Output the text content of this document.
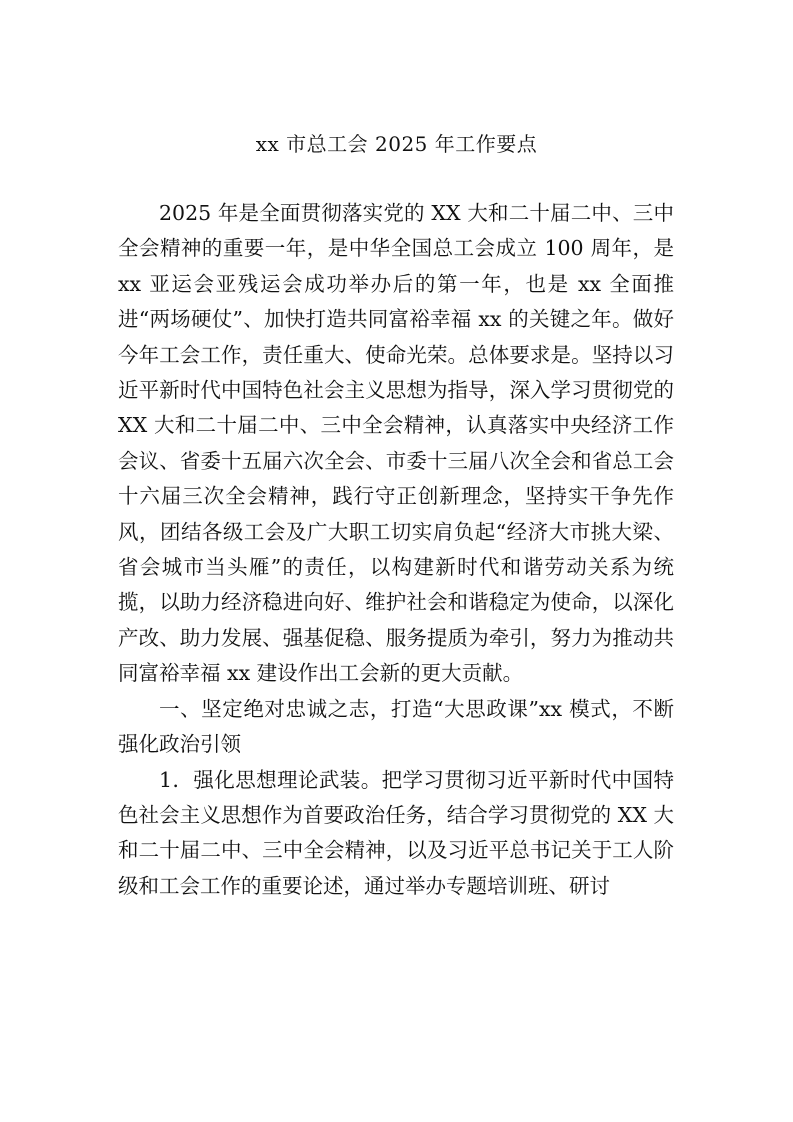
xx 市总工会 2025 年工作要点

2025 年是全面贯彻落实党的 XX 大和二十届二中、三中全会精神的重要一年，是中华全国总工会成立 100 周年，是 xx 亚运会亚残运会成功举办后的第一年，也是 xx 全面推进“两场硬仗”、加快打造共同富裕幸福 xx 的关键之年。做好今年工会工作，责任重大、使命光荣。总体要求是。坚持以习近平新时代中国特色社会主义思想为指导，深入学习贯彻党的 XX 大和二十届二中、三中全会精神，认真落实中央经济工作会议、省委十五届六次全会、市委十三届八次全会和省总工会十六届三次全会精神，践行守正创新理念，坚持实干争先作风，团结各级工会及广大职工切实肩负起“经济大市挑大梁、省会城市当头雁”的责任，以构建新时代和谐劳动关系为统揽，以助力经济稳进向好、维护社会和谐稳定为使命，以深化产改、助力发展、强基促稳、服务提质为牵引，努力为推动共同富裕幸福 xx 建设作出工会新的更大贡献。

一、坚定绝对忠诚之志，打造“大思政课”xx 模式，不断强化政治引领

1．强化思想理论武装。把学习贯彻习近平新时代中国特色社会主义思想作为首要政治任务，结合学习贯彻党的 XX 大和二十届二中、三中全会精神，以及习近平总书记关于工人阶级和工会工作的重要论述，通过举办专题培训班、研讨
